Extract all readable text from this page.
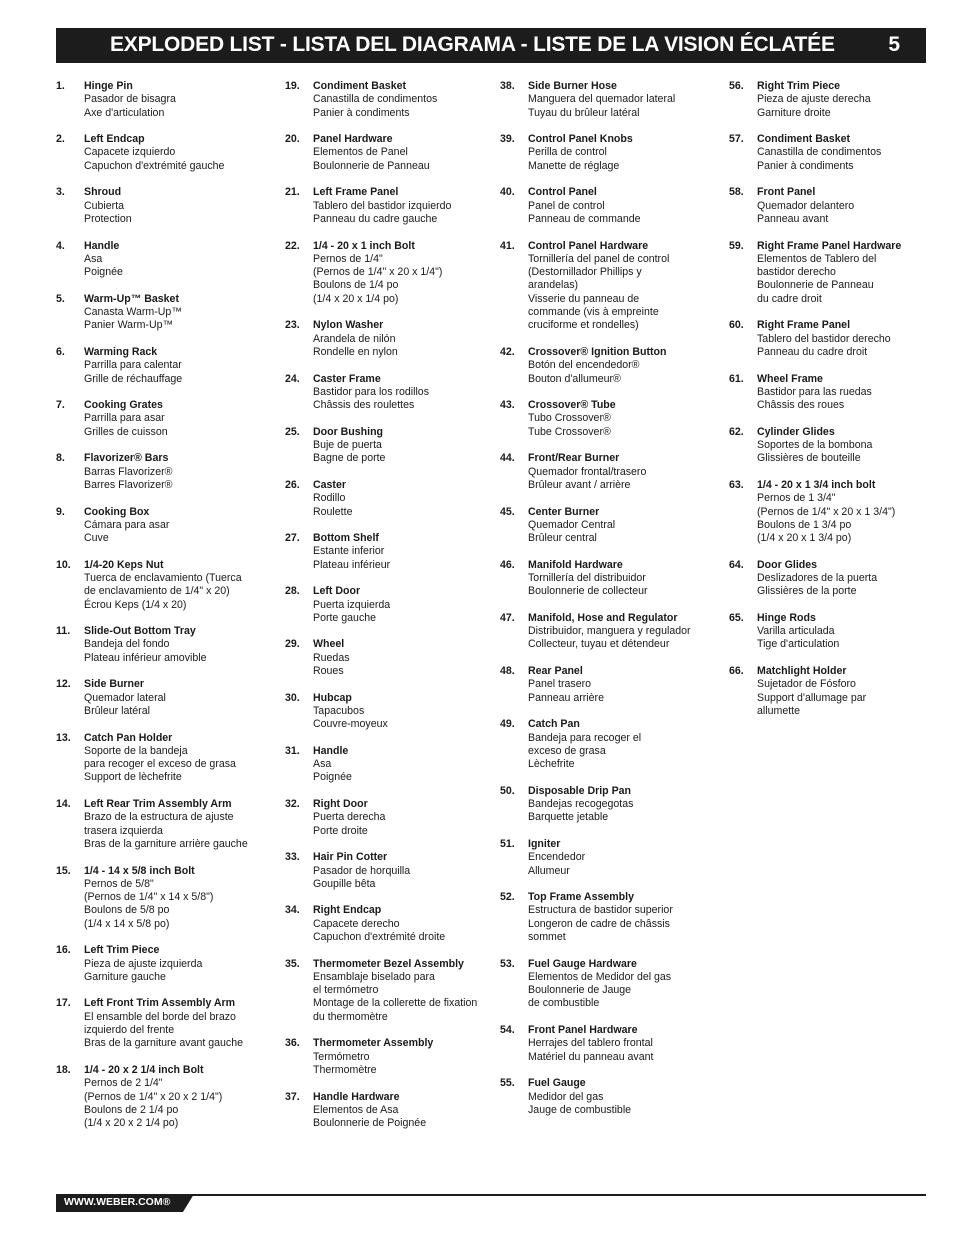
EXPLODED LIST - LISTA DEL DIAGRAMA - LISTE DE LA VISION ÉCLATÉE	5
1. Hinge Pin
Pasador de bisagra
Axe d'articulation
2. Left Endcap
Capacete izquierdo
Capuchon d'extrémité gauche
3. Shroud
Cubierta
Protection
4. Handle
Asa
Poignée
5. Warm-Up™ Basket
Canasta Warm-Up™
Panier Warm-Up™
6. Warming Rack
Parrilla para calentar
Grille de réchauffage
7. Cooking Grates
Parrilla para asar
Grilles de cuisson
8. Flavorizer® Bars
Barras Flavorizer®
Barres Flavorizer®
9. Cooking Box
Cámara para asar
Cuve
10. 1/4-20 Keps Nut
Tuerca de enclavamiento (Tuerca
de enclavamiento de 1/4" x 20)
Écrou Keps (1/4 x 20)
11. Slide-Out Bottom Tray
Bandeja del fondo
Plateau inférieur amovible
12. Side Burner
Quemador lateral
Brûleur latéral
13. Catch Pan Holder
Soporte de la bandeja
para recoger el exceso de grasa
Support de lèchefrite
14. Left Rear Trim Assembly Arm
Brazo de la estructura de ajuste
trasera izquierda
Bras de la garniture arrière gauche
15. 1/4 - 14 x 5/8 inch Bolt
Pernos de 5/8"
(Pernos de 1/4" x 14 x 5/8")
Boulons de 5/8 po
(1/4 x 14 x 5/8 po)
16. Left Trim Piece
Pieza de ajuste izquierda
Garniture gauche
17. Left Front Trim Assembly Arm
El ensamble del borde del brazo
izquierdo del frente
Bras de la garniture avant gauche
18. 1/4 - 20 x 2 1/4 inch Bolt
Pernos de 2 1/4"
(Pernos de 1/4" x 20 x 2 1/4")
Boulons de 2 1/4 po
(1/4 x 20 x 2 1/4 po)
19. Condiment Basket
Canastilla de condimentos
Panier à condiments
20. Panel Hardware
Elementos de Panel
Boulonnerie de Panneau
21. Left Frame Panel
Tablero del bastidor izquierdo
Panneau du cadre gauche
22. 1/4 - 20 x 1 inch Bolt
Pernos de 1/4"
(Pernos de 1/4" x 20 x 1/4")
Boulons de 1/4 po
(1/4 x 20 x 1/4 po)
23. Nylon Washer
Arandela de nilón
Rondelle en nylon
24. Caster Frame
Bastidor para los rodillos
Châssis des roulettes
25. Door Bushing
Buje de puerta
Bagne de porte
26. Caster
Rodillo
Roulette
27. Bottom Shelf
Estante inferior
Plateau inférieur
28. Left Door
Puerta izquierda
Porte gauche
29. Wheel
Ruedas
Roues
30. Hubcap
Tapacubos
Couvre-moyeux
31. Handle
Asa
Poignée
32. Right Door
Puerta derecha
Porte droite
33. Hair Pin Cotter
Pasador de horquilla
Goupille bêta
34. Right Endcap
Capacete derecho
Capuchon d'extrémité droite
35. Thermometer Bezel Assembly
Ensamblaje biselado para
el termómetro
Montage de la collerette de fixation
du thermomètre
36. Thermometer Assembly
Termómetro
Thermomètre
37. Handle Hardware
Elementos de Asa
Boulonnerie de Poignée
38. Side Burner Hose
Manguera del quemador lateral
Tuyau du brûleur latéral
39. Control Panel Knobs
Perilla de control
Manette de réglage
40. Control Panel
Panel de control
Panneau de commande
41. Control Panel Hardware
Tornillería del panel de control
(Destornillador Phillips y
arandelas)
Visserie du panneau de
commande (vis à empreinte
cruciforme et rondelles)
42. Crossover® Ignition Button
Botón del encendedor®
Bouton d'allumeur®
43. Crossover® Tube
Tubo Crossover®
Tube Crossover®
44. Front/Rear Burner
Quemador frontal/trasero
Brûleur avant / arrière
45. Center Burner
Quemador Central
Brûleur central
46. Manifold Hardware
Tornillería del distribuidor
Boulonnerie de collecteur
47. Manifold, Hose and Regulator
Distribuidor, manguera y regulador
Collecteur, tuyau et détendeur
48. Rear Panel
Panel trasero
Panneau arrière
49. Catch Pan
Bandeja para recoger el
exceso de grasa
Lèchefrite
50. Disposable Drip Pan
Bandejas recogegotas
Barquette jetable
51. Igniter
Encendedor
Allumeur
52. Top Frame Assembly
Estructura de bastidor superior
Longeron de cadre de châssis
sommet
53. Fuel Gauge Hardware
Elementos de Medidor del gas
Boulonnerie de Jauge
de combustible
54. Front Panel Hardware
Herrajes del tablero frontal
Matériel du panneau avant
55. Fuel Gauge
Medidor del gas
Jauge de combustible
56. Right Trim Piece
Pieza de ajuste derecha
Garniture droite
57. Condiment Basket
Canastilla de condimentos
Panier à condiments
58. Front Panel
Quemador delantero
Panneau avant
59. Right Frame Panel Hardware
Elementos de Tablero del
bastidor derecho
Boulonnerie de Panneau
du cadre droit
60. Right Frame Panel
Tablero del bastidor derecho
Panneau du cadre droit
61. Wheel Frame
Bastidor para las ruedas
Châssis des roues
62. Cylinder Glides
Soportes de la bombona
Glissières de bouteille
63. 1/4 - 20 x 1 3/4 inch bolt
Pernos de 1 3/4"
(Pernos de 1/4" x 20 x 1 3/4")
Boulons de 1 3/4 po
(1/4 x 20 x 1 3/4 po)
64. Door Glides
Deslizadores de la puerta
Glissières de la porte
65. Hinge Rods
Varilla articulada
Tige d'articulation
66. Matchlight Holder
Sujetador de Fósforo
Support d'allumage par
allumette
WWW.WEBER.COM®
